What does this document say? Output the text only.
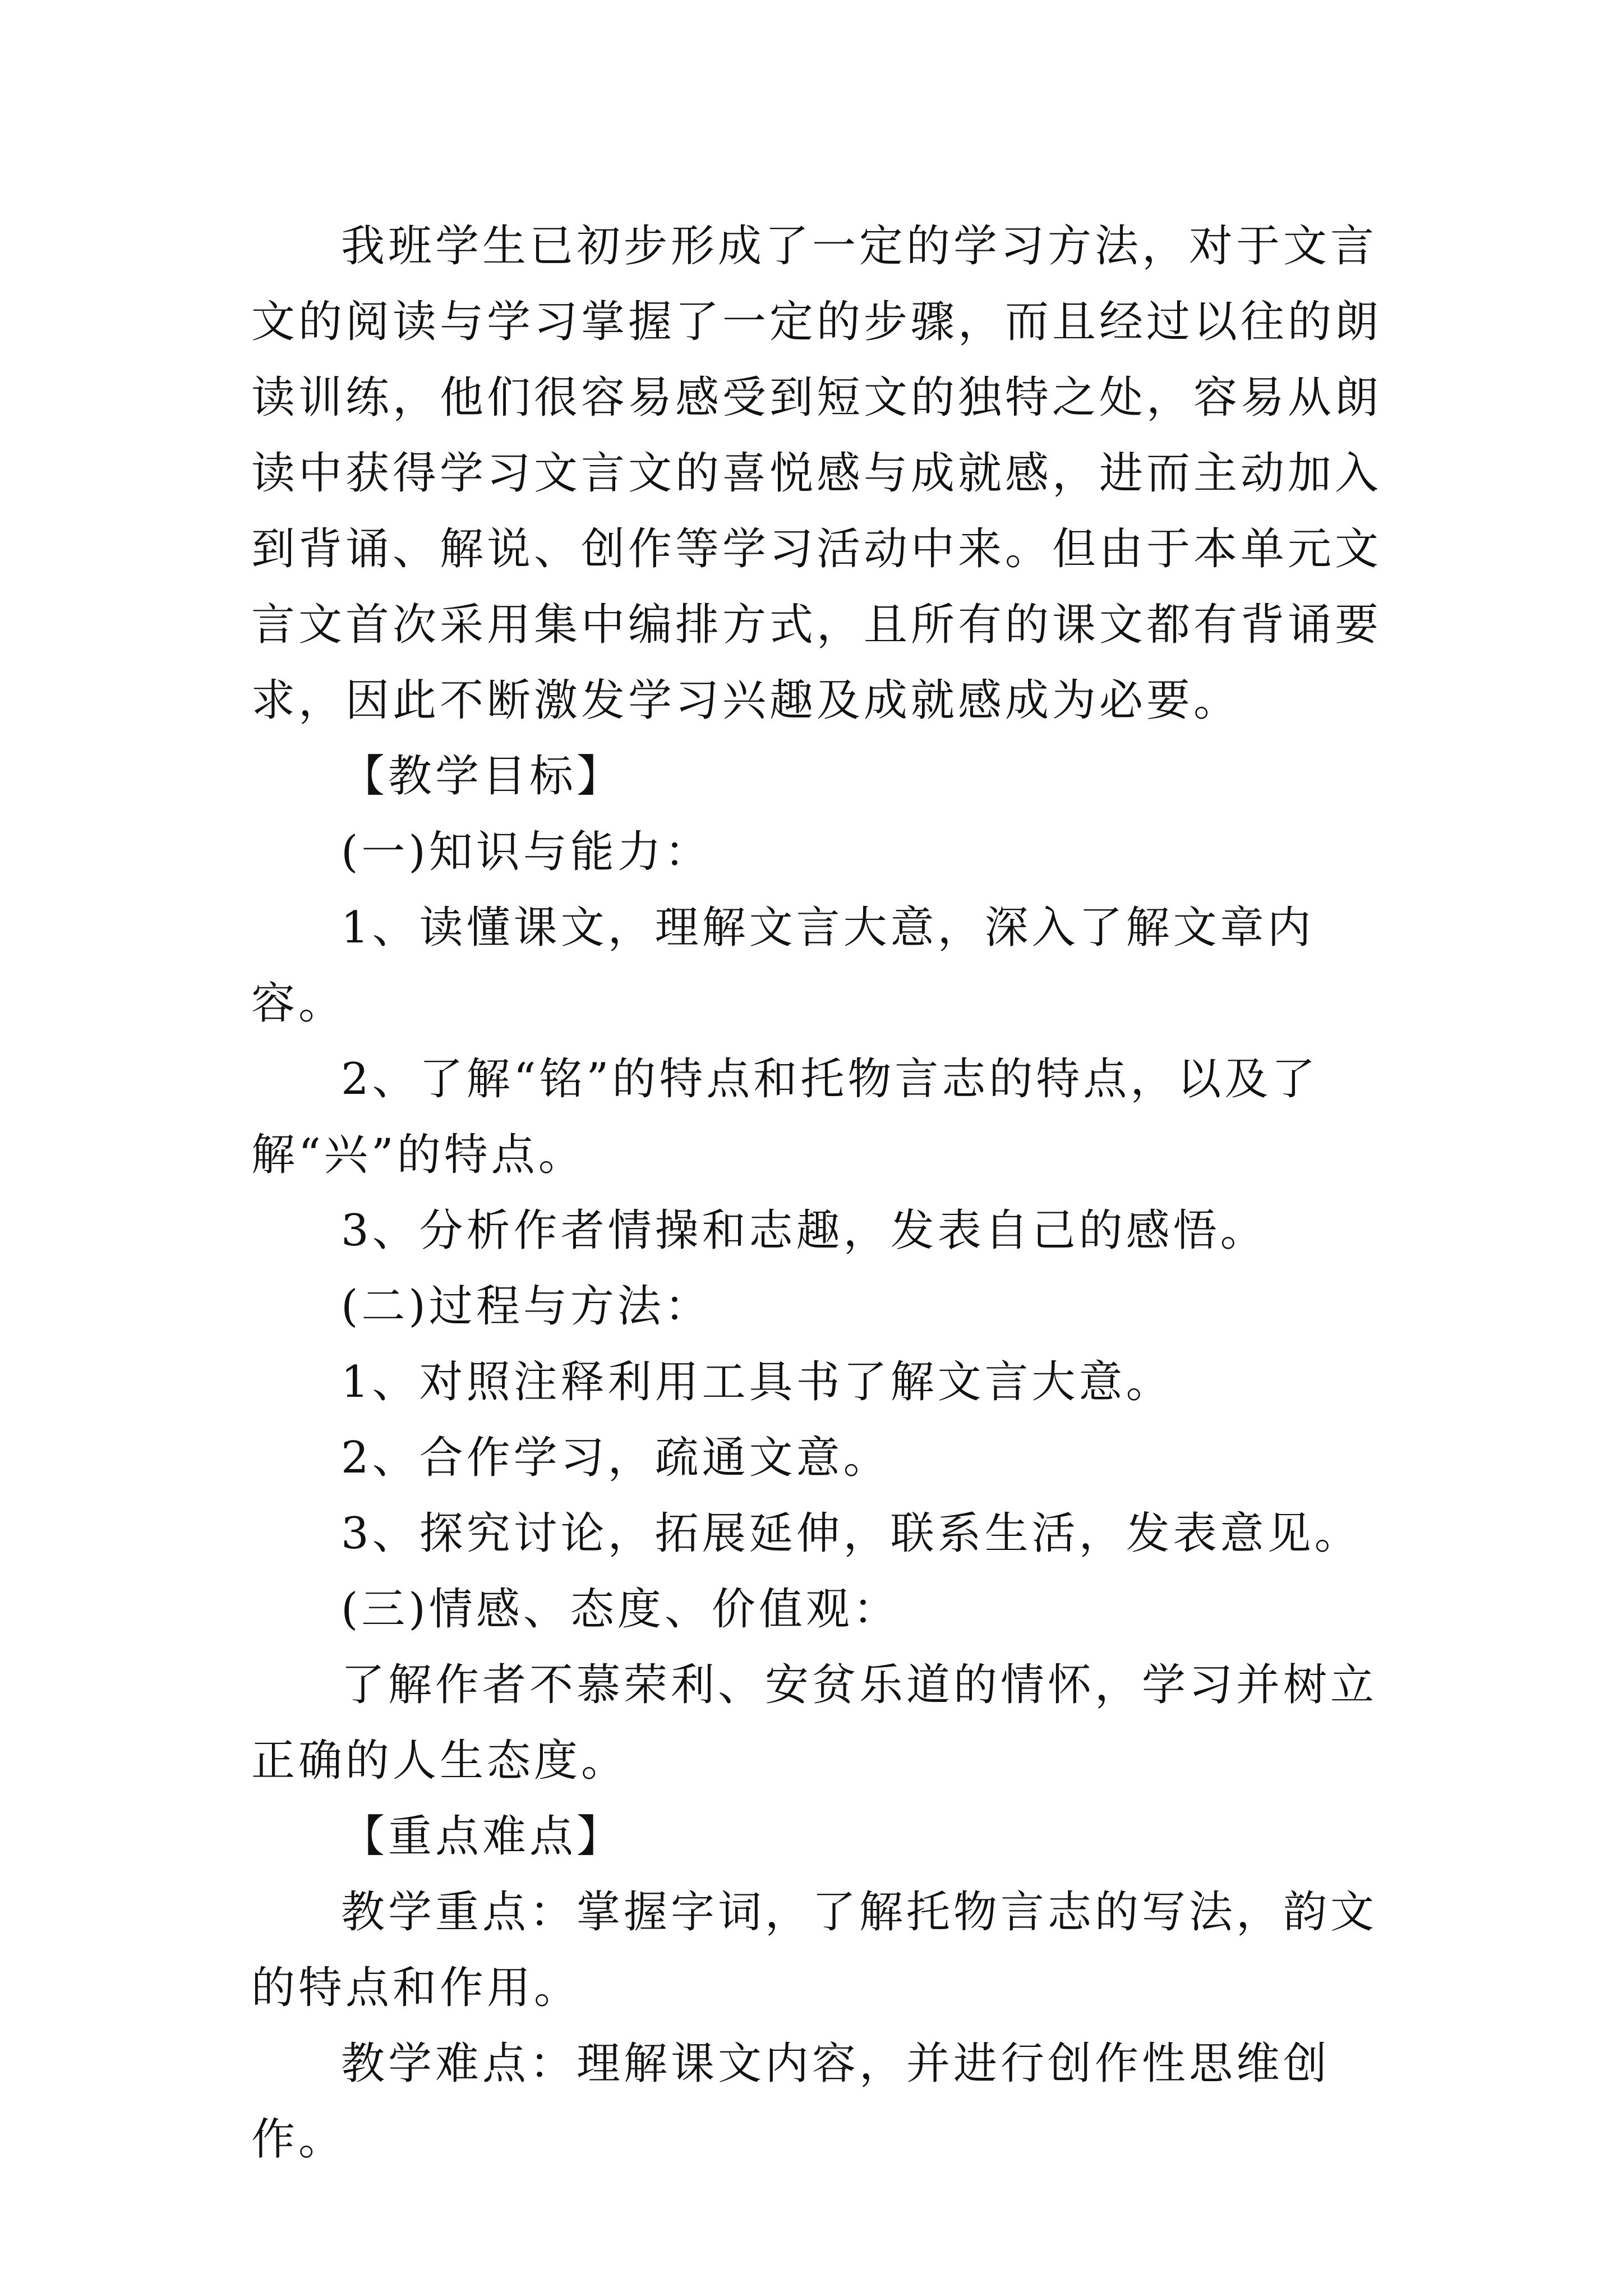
我班学生已初步形成了一定的学习方法，对于文言文的阅读与学习掌握了一定的步骤，而且经过以往的朗读训练，他们很容易感受到短文的独特之处，容易从朗读中获得学习文言文的喜悦感与成就感，进而主动加入到背诵、解说、创作等学习活动中来。但由于本单元文言文首次采用集中编排方式，且所有的课文都有背诵要求，因此不断激发学习兴趣及成就感成为必要。

【教学目标】

(一)知识与能力：

1、读懂课文，理解文言大意，深入了解文章内容。

2、了解“铭”的特点和托物言志的特点，以及了解“兴”的特点。

3、分析作者情操和志趣，发表自己的感悟。

(二)过程与方法：

1、对照注释利用工具书了解文言大意。

2、合作学习，疏通文意。

3、探究讨论，拓展延伸，联系生活，发表意见。

(三)情感、态度、价值观：

了解作者不慕荣利、安贫乐道的情怀，学习并树立正确的人生态度。

【重点难点】

教学重点：掌握字词，了解托物言志的写法，韵文的特点和作用。

教学难点：理解课文内容，并进行创作性思维创作。
